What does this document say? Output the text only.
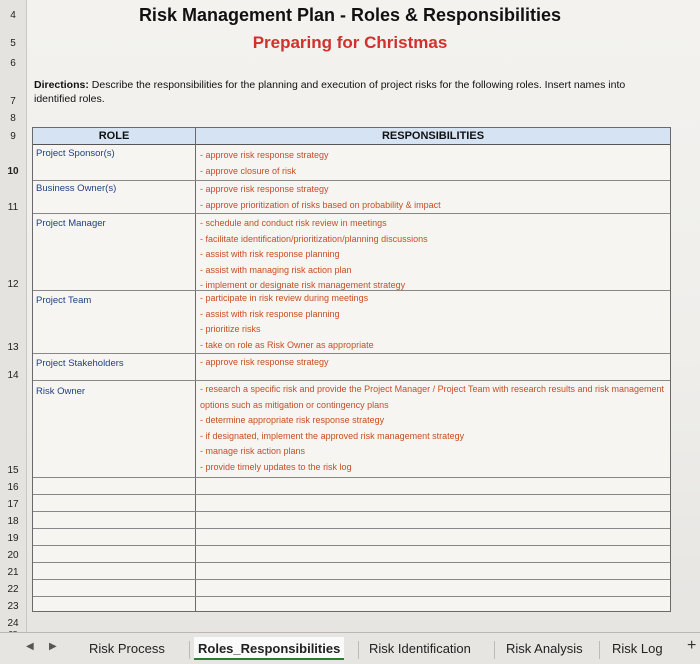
4
5
6
7
8
9
10
11
12
13
14
15
16
17
18
19
20
21
22
23
24
Risk Management Plan - Roles & Responsibilities
Preparing for Christmas
Directions: Describe the responsibilities for the planning and execution of project risks for the following roles. Insert names into identified roles.
ROLE	RESPONSIBILITIES
Project Sponsor(s)	- approve risk response strategy
- approve closure of risk
Business Owner(s)	- approve risk response strategy
- approve prioritization of risks based on probability & impact
Project Manager	- schedule and conduct risk review in meetings
- facilitate identification/prioritization/planning discussions
- assist with risk response planning
- assist with managing risk action plan
- implement or designate risk management strategy
Project Team	- participate in risk review during meetings
- assist with risk response planning
- prioritize risks
- take on role as Risk Owner as appropriate
Project Stakeholders	- approve risk response strategy
Risk Owner	- research a specific risk and provide the Project Manager / Project Team with research results and risk management options such as mitigation or contingency plans
- determine appropriate risk response strategy
- if designated, implement the approved risk management strategy
- manage risk action plans
- provide timely updates to the risk log
◀ ▶	Risk Process	Roles_Responsibilities	Risk Identification	Risk Analysis	Risk Log +
